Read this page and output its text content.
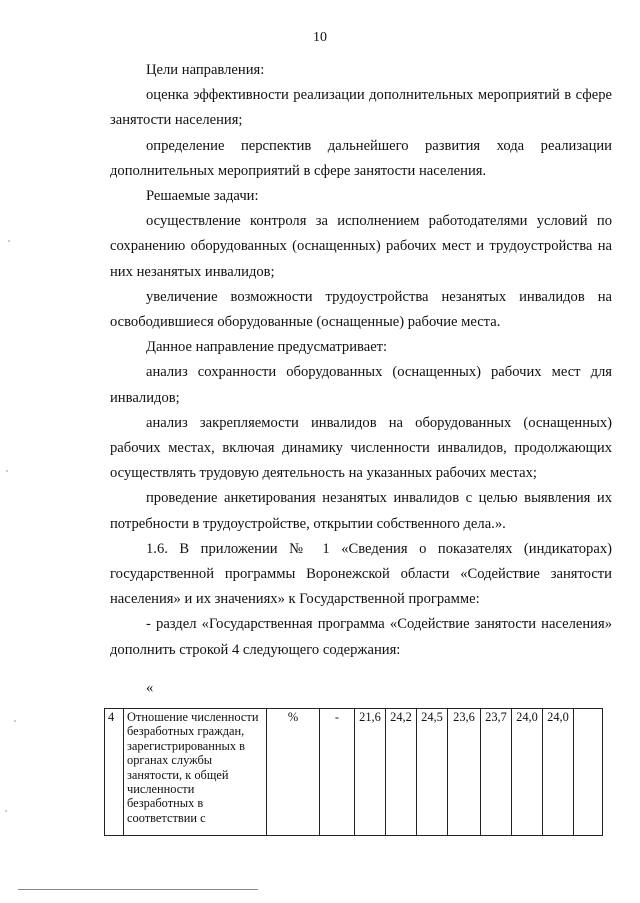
10

Цели направления:

оценка эффективности реализации дополнительных мероприятий в сфере занятости населения;

определение перспектив дальнейшего развития хода реализации дополнительных мероприятий в сфере занятости населения.

Решаемые задачи:

осуществление контроля за исполнением работодателями условий по сохранению оборудованных (оснащенных) рабочих мест и трудоустройства на них незанятых инвалидов;

увеличение возможности трудоустройства незанятых инвалидов на освободившиеся оборудованные (оснащенные) рабочие места.

Данное направление предусматривает:

анализ сохранности оборудованных (оснащенных) рабочих мест для инвалидов;

анализ закрепляемости инвалидов на оборудованных (оснащенных) рабочих местах, включая динамику численности инвалидов, продолжающих осуществлять трудовую деятельность на указанных рабочих местах;

проведение анкетирования незанятых инвалидов с целью выявления их потребности в трудоустройстве, открытии собственного дела.».

1.6. В приложении № 1 «Сведения о показателях (индикаторах) государственной программы Воронежской области «Содействие занятости населения» и их значениях» к Государственной программе:

- раздел «Государственная программа «Содействие занятости населения» дополнить строкой 4 следующего содержания:

«
4	Отношение численности безработных граждан, зарегистрированных в органах службы занятости, к общей численности безработных в соответствии с	%	-	21,6	24,2	24,5	23,6	23,7	24,0	24,0	
